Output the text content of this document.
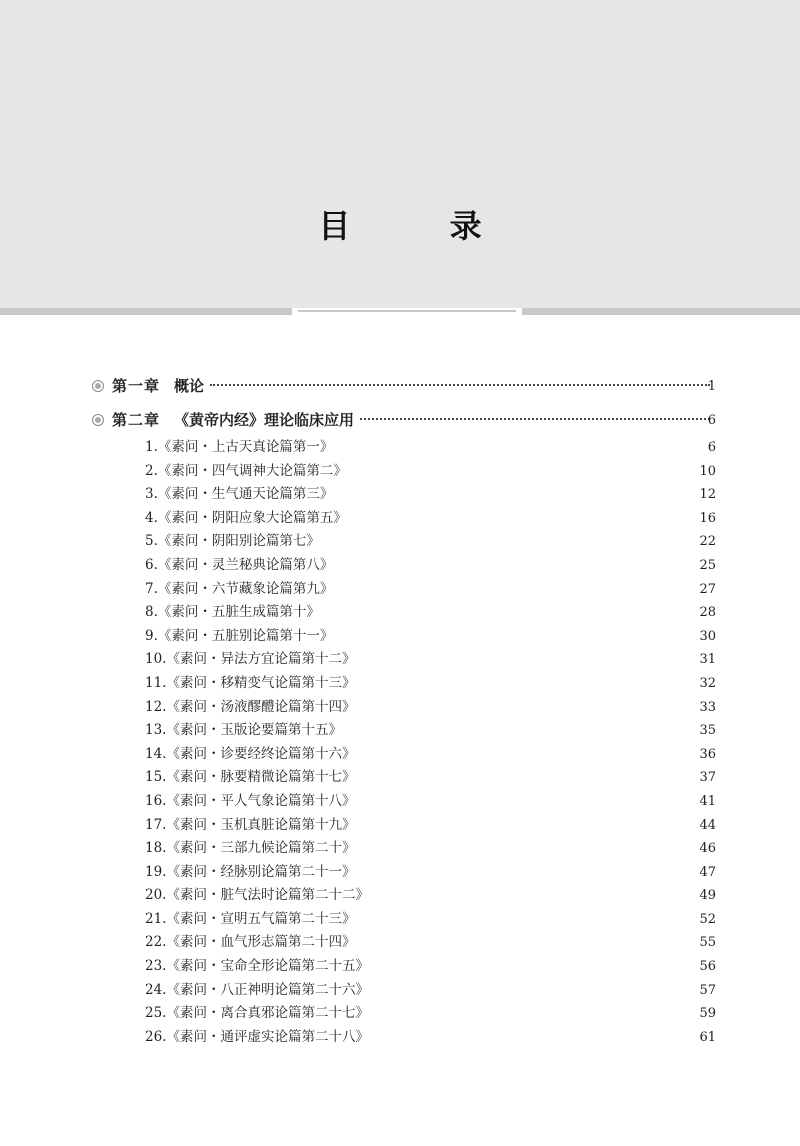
目 录
第一章 概论	1
第二章 《黄帝内经》理论临床应用	6
1.《素问・上古天真论篇第一》	6
2.《素问・四气调神大论篇第二》	10
3.《素问・生气通天论篇第三》	12
4.《素问・阴阳应象大论篇第五》	16
5.《素问・阴阳别论篇第七》	22
6.《素问・灵兰秘典论篇第八》	25
7.《素问・六节藏象论篇第九》	27
8.《素问・五脏生成篇第十》	28
9.《素问・五脏别论篇第十一》	30
10.《素问・异法方宜论篇第十二》	31
11.《素问・移精变气论篇第十三》	32
12.《素问・汤液醪醴论篇第十四》	33
13.《素问・玉版论要篇第十五》	35
14.《素问・诊要经终论篇第十六》	36
15.《素问・脉要精微论篇第十七》	37
16.《素问・平人气象论篇第十八》	41
17.《素问・玉机真脏论篇第十九》	44
18.《素问・三部九候论篇第二十》	46
19.《素问・经脉别论篇第二十一》	47
20.《素问・脏气法时论篇第二十二》	49
21.《素问・宣明五气篇第二十三》	52
22.《素问・血气形志篇第二十四》	55
23.《素问・宝命全形论篇第二十五》	56
24.《素问・八正神明论篇第二十六》	57
25.《素问・离合真邪论篇第二十七》	59
26.《素问・通评虚实论篇第二十八》	61
